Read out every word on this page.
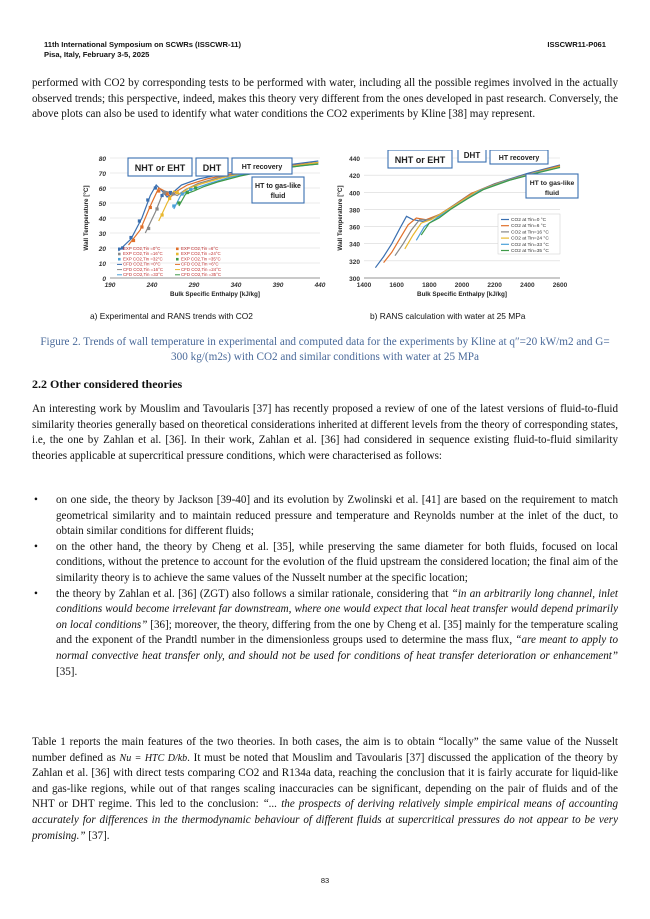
11th International Symposium on SCWRs (ISSCWR-11)
Pisa, Italy, February 3-5, 2025
ISSCWR11-P061

performed with CO2 by corresponding tests to be performed with water, including all the possible regimes involved in the actually observed trends; this perspective, indeed, makes this theory very different from the ones developed in past research. Conversely, the above plots can also be used to identify what water conditions the CO2 experiments by Kline [38] may represent.

0
10
20
30
40
50
60
70
80
190	240	290	340	390	440
Bulk Specific Enthalpy [kJ/kg]
Wall Temperature [°C]
NHT or EHT DHT	HT recovery
HT to gas-like
fluid
EXP CO2,Tin =0°C	EXP CO2,Tin =6°C
EXP CO2,Tin =16°C	EXP CO2,Tin =24°C
EXP CO2,Tin =32°C	EXP CO2,Tin =35°C
CFD CO2,Tin =0°C	CFD CO2,Tin =6°C
CFD CO2,Tin =16°C	CFD CO2,Tin =24°C
CFD CO2,Tin =33°C	CFD CO2,Tin =35°C
300
320
340
360
380
400
420
440
1400	1600	1800	2000	2200	2400	2600
Bulk Specific Enthalpy [kJ/kg]
Wall Temperature [°C]
NHT or EHT DHT	HT recovery
HT to gas-like
fluid
CO2 at Tin=0 °C
CO2 at Tin=6 °C
CO2 at Tin=16 °C
CO2 at Tin=24 °C
CO2 at Tin=33 °C
CO2 at Tin=35 °C
a) Experimental and RANS trends with CO2	b) RANS calculation with water at 25 MPa
Figure 2. Trends of wall temperature in experimental and computed data for the experiments by Kline at q″=20 kW/m2 and G= 300 kg/(m2s) with CO2 and similar conditions with water at 25 MPa
2.2 Other considered theories

An interesting work by Mouslim and Tavoularis [37] has recently proposed a review of one of the latest versions of fluid-to-fluid similarity theories generally based on theoretical considerations inherited at different levels from the theory of corresponding states, i.e, the one by Zahlan et al. [36]. In their work, Zahlan et al. [36] had considered in sequence existing fluid-to-fluid similarity theories applicable at supercritical pressure conditions, which were characterised as follows:

• on one side, the theory by Jackson [39-40] and its evolution by Zwolinski et al. [41] are based on the requirement to match geometrical similarity and to maintain reduced pressure and temperature and Reynolds number at the inlet of the duct, to obtain similar conditions for different fluids;
• on the other hand, the theory by Cheng et al. [35], while preserving the same diameter for both fluids, focused on local conditions, without the pretence to account for the evolution of the fluid upstream the considered location; the final aim of the similarity theory is to achieve the same values of the Nusselt number at the specific location;
• the theory by Zahlan et al. [36] (ZGT) also follows a similar rationale, considering that “in an arbitrarily long channel, inlet conditions would become irrelevant far downstream, where one would expect that local heat transfer would depend primarily on local conditions” [36]; moreover, the theory, differing from the one by Cheng et al. [35] mainly for the temperature scaling and the exponent of the Prandtl number in the dimensionless groups used to determine the mass flux, “are meant to apply to normal convective heat transfer only, and should not be used for conditions of heat transfer deterioration or enhancement” [35].

Table 1 reports the main features of the two theories. In both cases, the aim is to obtain “locally” the same value of the Nusselt number defined as Nu = HTC D/kb. It must be noted that Mouslim and Tavoularis [37] discussed the application of the theory by Zahlan et al. [36] with direct tests comparing CO2 and R134a data, reaching the conclusion that it is fairly accurate for liquid-like and gas-like regions, while out of that ranges scaling inaccuracies can be significant, depending on the pair of fluids and of the NHT or DHT regime. This led to the conclusion: “... the prospects of deriving relatively simple empirical means of accounting accurately for differences in the thermodynamic behaviour of different fluids at supercritical pressures do not appear to be very promising.” [37].

83
